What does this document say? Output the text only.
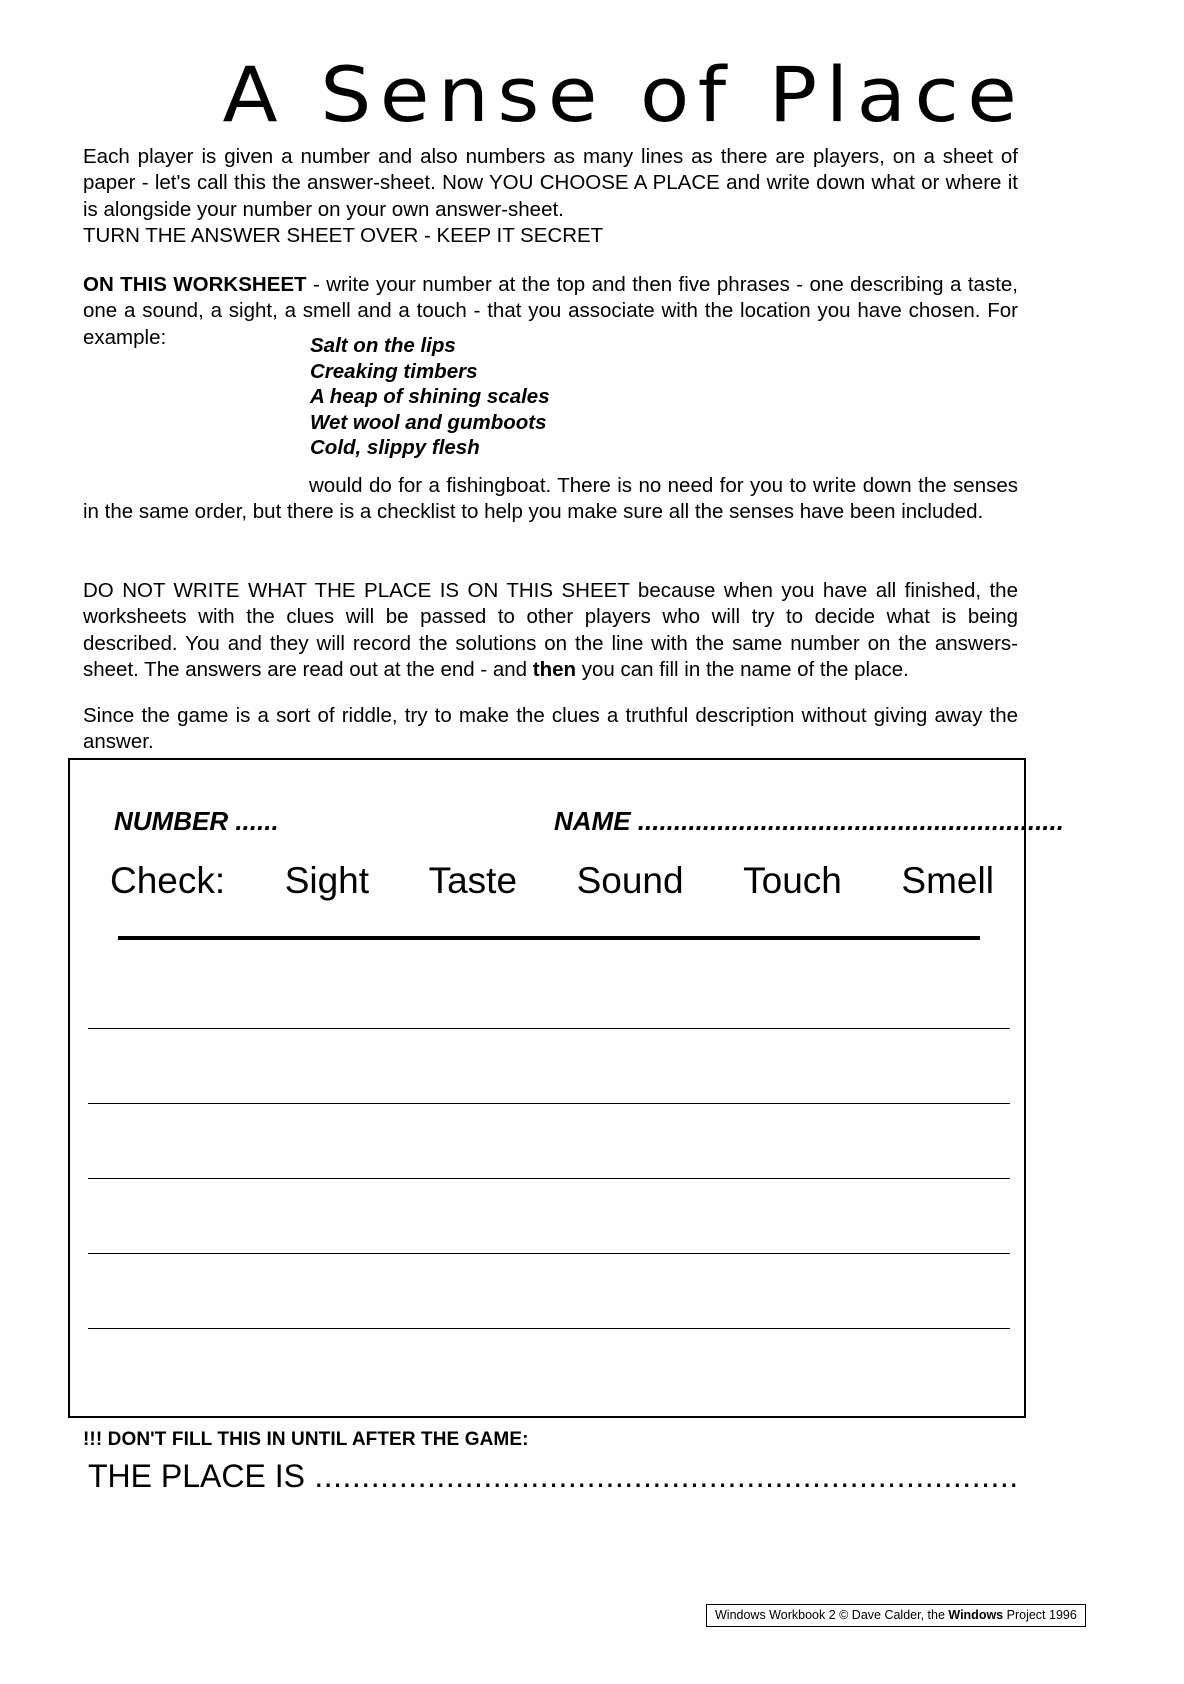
A Sense of Place

Each player is given a number and also numbers as many lines as there are players, on a sheet of paper - let's call this the answer-sheet. Now YOU CHOOSE A PLACE and write down what or where it is alongside your number on your own answer-sheet.

TURN THE ANSWER SHEET OVER - KEEP IT SECRET

ON THIS WORKSHEET - write your number at the top and then five phrases - one describing a taste, one a sound, a sight, a smell and a touch - that you associate with the location you have chosen. For example:	Salt on the lips
Creaking timbers
A heap of shining scales
Wet wool and gumboots
Cold, slippy flesh

would do for a fishingboat. There is no need for you to write down the senses in the same order, but there is a checklist to help you make sure all the senses have been included.

DO NOT WRITE WHAT THE PLACE IS ON THIS SHEET because when you have all finished, the worksheets with the clues will be passed to other players who will try to decide what is being described. You and they will record the solutions on the line with the same number on the answers-sheet. The answers are read out at the end - and then you can fill in the name of the place.

Since the game is a sort of riddle, try to make the clues a truthful description without giving away the answer.

NUMBER ......	NAME ...........................................................
Check: Sight Taste Sound Touch Smell
!!! DON'T FILL THIS IN UNTIL AFTER THE GAME:
THE PLACE IS ...........................................................................
Windows Workbook 2 © Dave Calder, the Windows Project 1996
